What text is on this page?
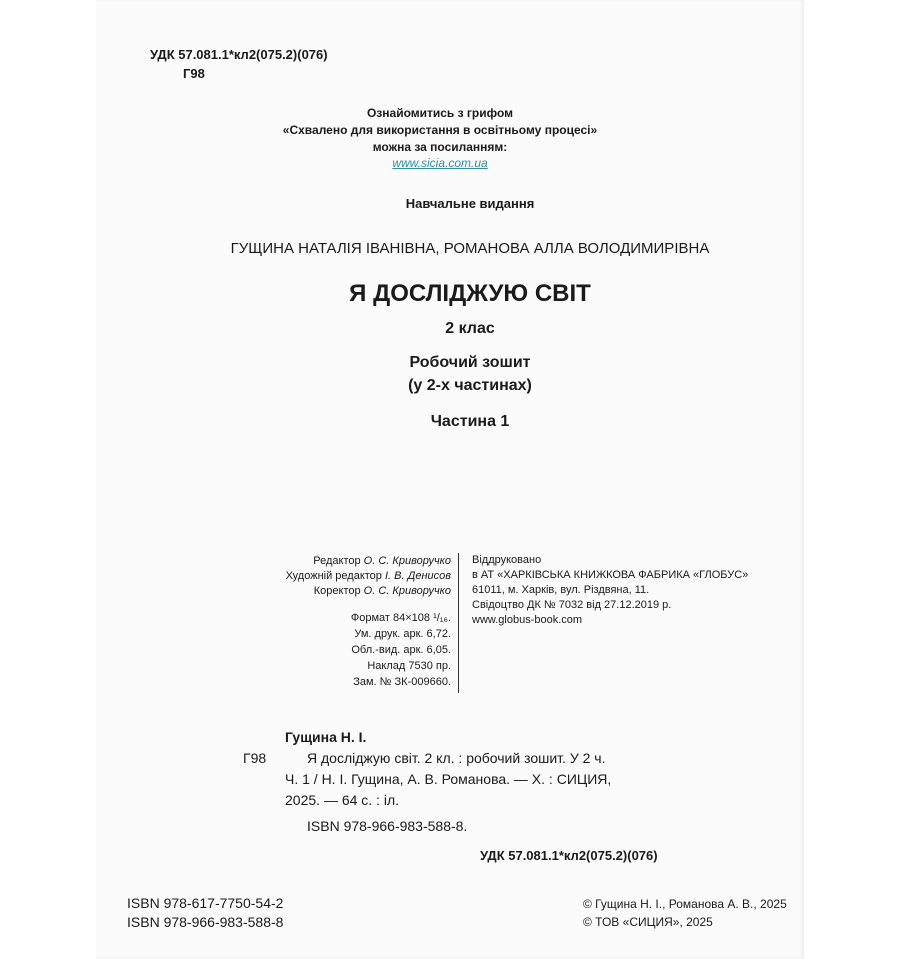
УДК 57.081.1*кл2(075.2)(076)
Г98
Ознайомитись з грифом
«Схвалено для використання в освітньому процесі»
можна за посиланням:
www.sicia.com.ua
Навчальне видання
ГУЩИНА НАТАЛІЯ ІВАНІВНА, РОМАНОВА АЛЛА ВОЛОДИМИРІВНА
Я ДОСЛІДЖУЮ СВІТ
2 клас
Робочий зошит
(у 2-х частинах)
Частина 1
Редактор О. С. Криворучко
Художній редактор І. В. Денисов
Коректор О. С. Криворучко
Формат 84×108 ¹/₁₆.
Ум. друк. арк. 6,72.
Обл.-вид. арк. 6,05.
Наклад 7530 пр.
Зам. № ЗК-009660.
Віддруковано
в АТ «ХАРКІВСЬКА КНИЖКОВА ФАБРИКА «ГЛОБУС»
61011, м. Харків, вул. Різдвяна, 11.
Свідоцтво ДК № 7032 від 27.12.2019 р.
www.globus-book.com
Гущина Н. І.
Г98	Я досліджую світ. 2 кл. : робочий зошит. У 2 ч.
Ч. 1 / Н. І. Гущина, А. В. Романова. — Х. : СИЦИЯ,
2025. — 64 с. : іл.
ISBN 978-966-983-588-8.
УДК 57.081.1*кл2(075.2)(076)
ISBN 978-617-7750-54-2
ISBN 978-966-983-588-8
© Гущина Н. І., Романова А. В., 2025
© ТОВ «СИЦИЯ», 2025
